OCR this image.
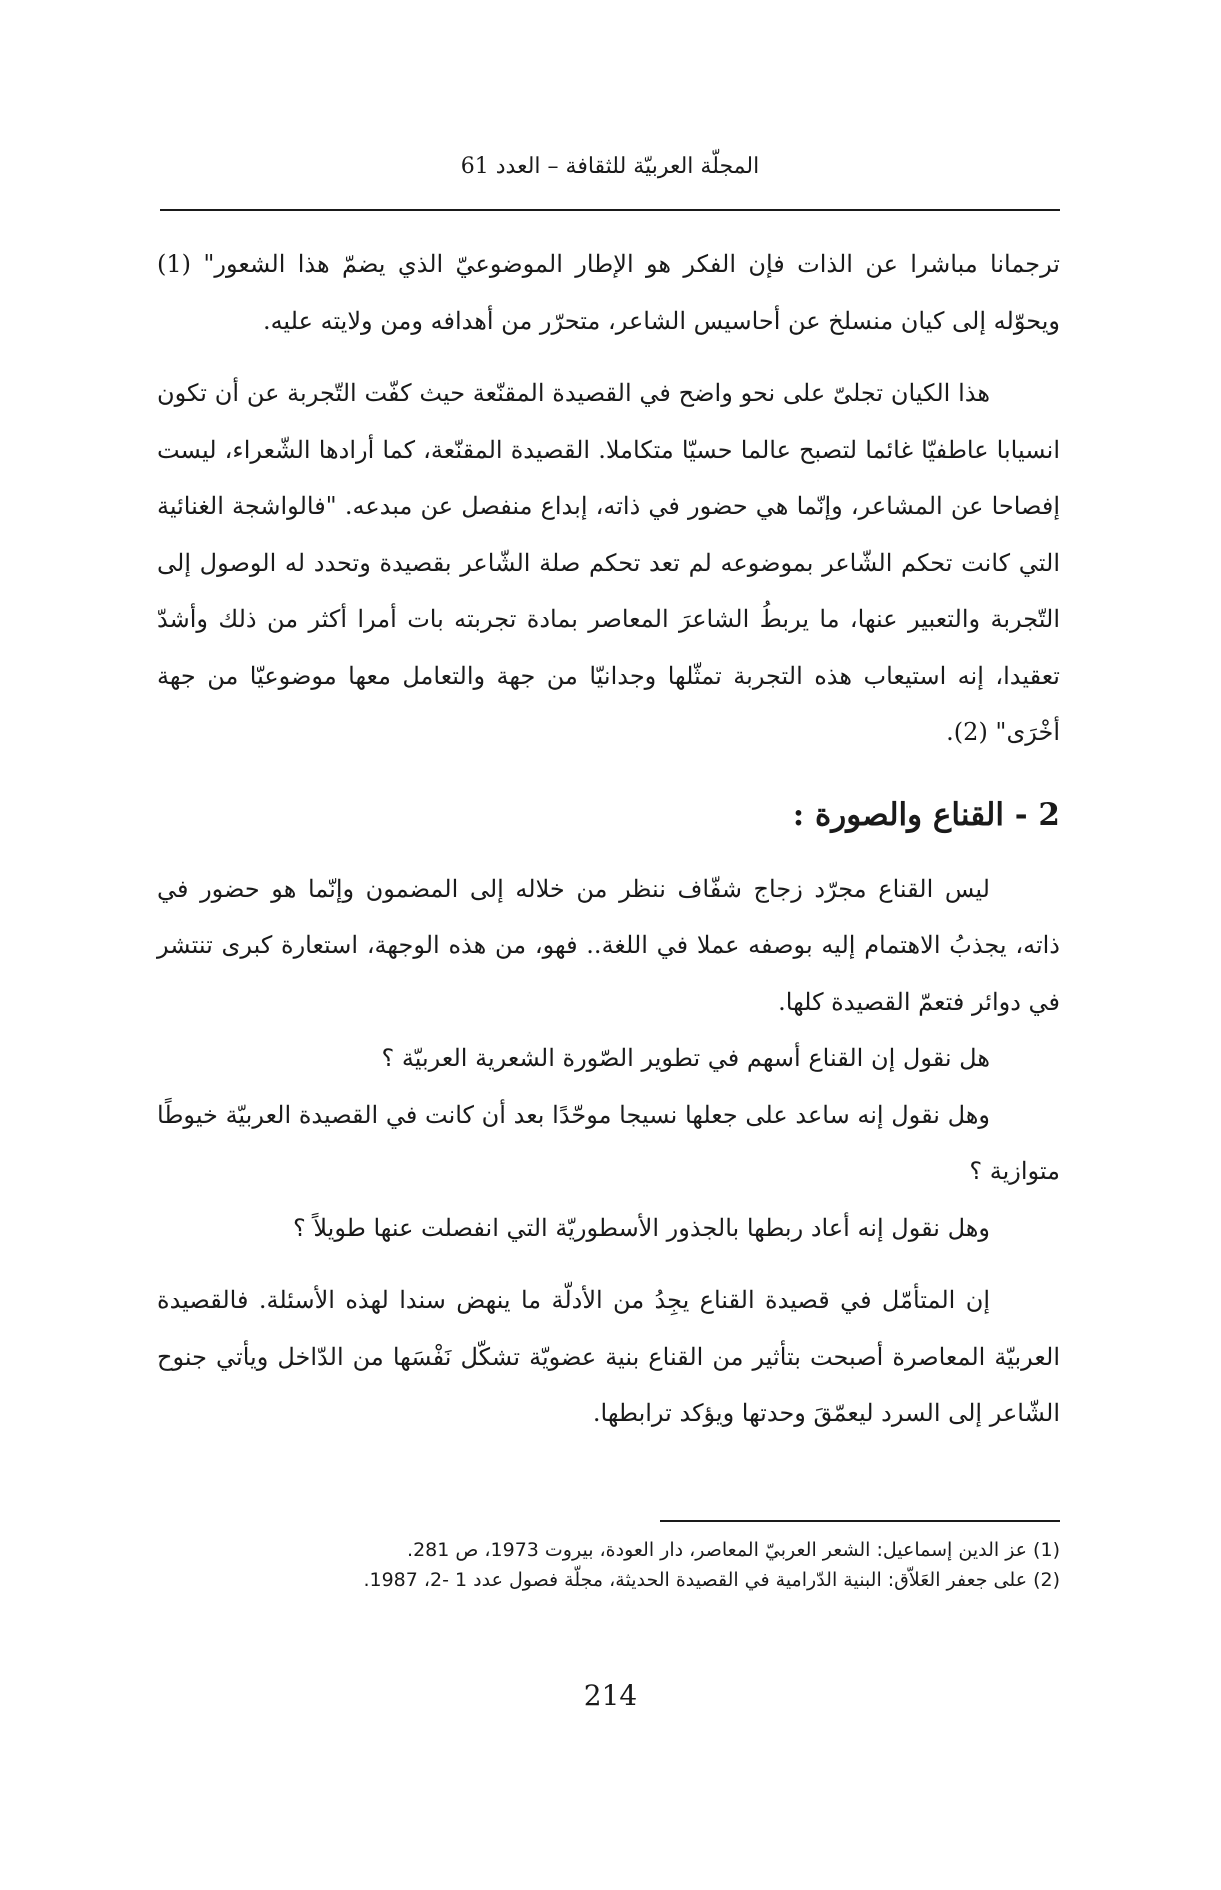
المجلّة العربيّة للثقافة – العدد 61

ترجمانا مباشرا عن الذات فإن الفكر هو الإطار الموضوعيّ الذي يضمّ هذا الشعور" (1) ويحوّله إلى كيان منسلخ عن أحاسيس الشاعر، متحرّر من أهدافه ومن ولايته عليه.

هذا الكيان تجلىّ على نحو واضح في القصيدة المقنّعة حيث كفّت التّجربة عن أن تكون انسيابا عاطفيّا غائما لتصبح عالما حسيّا متكاملا. القصيدة المقنّعة، كما أرادها الشّعراء، ليست إفصاحا عن المشاعر، وإنّما هي حضور في ذاته، إبداع منفصل عن مبدعه. "فالواشجة الغنائية التي كانت تحكم الشّاعر بموضوعه لم تعد تحكم صلة الشّاعر بقصيدة وتحدد له الوصول إلى التّجربة والتعبير عنها، ما يربطُ الشاعرَ المعاصر بمادة تجربته بات أمرا أكثر من ذلك وأشدّ تعقيدا، إنه استيعاب هذه التجربة تمثّلها وجدانيّا من جهة والتعامل معها موضوعيّا من جهة أخْرَى" (2).

2 - القناع والصورة :

ليس القناع مجرّد زجاج شفّاف ننظر من خلاله إلى المضمون وإنّما هو حضور في ذاته، يجذبُ الاهتمام إليه بوصفه عملا في اللغة.. فهو، من هذه الوجهة، استعارة كبرى تنتشر في دوائر فتعمّ القصيدة كلها.

هل نقول إن القناع أسهم في تطوير الصّورة الشعرية العربيّة ؟

وهل نقول إنه ساعد على جعلها نسيجا موحّدًا بعد أن كانت في القصيدة العربيّة خيوطًا متوازية ؟

وهل نقول إنه أعاد ربطها بالجذور الأسطوريّة التي انفصلت عنها طويلاً ؟

إن المتأمّل في قصيدة القناع يجِدُ من الأدلّة ما ينهض سندا لهذه الأسئلة. فالقصيدة العربيّة المعاصرة أصبحت بتأثير من القناع بنية عضويّة تشكّل نَفْسَها من الدّاخل ويأتي جنوح الشّاعر إلى السرد ليعمّقَ وحدتها ويؤكد ترابطها.

(1) عز الدين إسماعيل: الشعر العربيّ المعاصر، دار العودة، بيروت 1973، ص 281.
(2) على جعفر العَلاّق: البنية الدّرامية في القصيدة الحديثة، مجلّة فصول عدد 1 -2، 1987.
214
